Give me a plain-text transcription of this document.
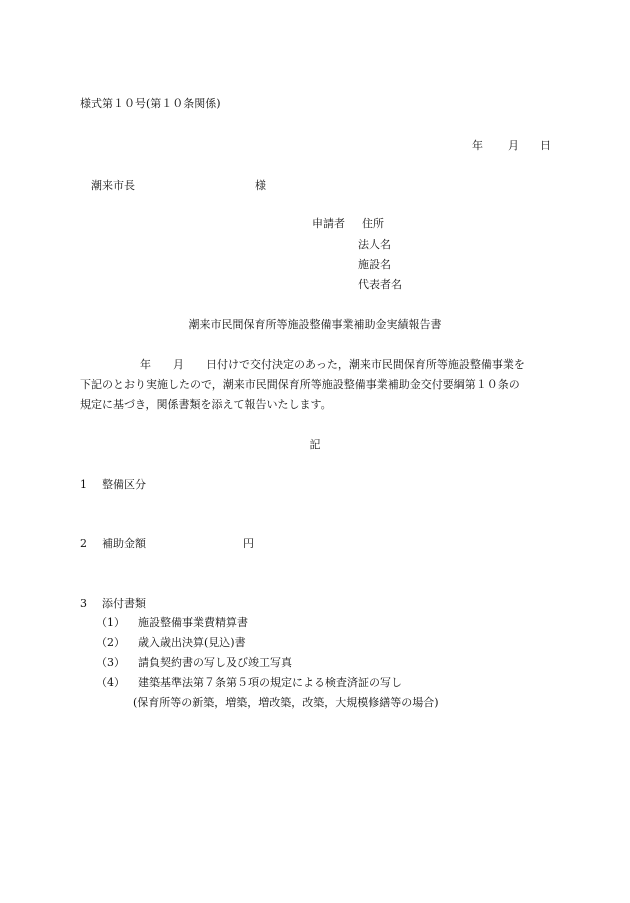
様式第１０号(第１０条関係)
年 月 日
潮来市長	様
申請者 住所
法人名
施設名
代表者名
潮来市民間保育所等施設整備事業補助金実績報告書
年 月 日付けで交付決定のあった，潮来市民間保育所等施設整備事業を
下記のとおり実施したので，潮来市民間保育所等施設整備事業補助金交付要綱第１０条の
規定に基づき，関係書類を添えて報告いたします。
記
1 整備区分
2 補助金額	円
3 添付書類
（1） 施設整備事業費精算書
（2） 歳入歳出決算(見込)書
（3） 請負契約書の写し及び竣工写真
（4） 建築基準法第７条第５項の規定による検査済証の写し
(保育所等の新築，増築，増改築，改築，大規模修繕等の場合)
